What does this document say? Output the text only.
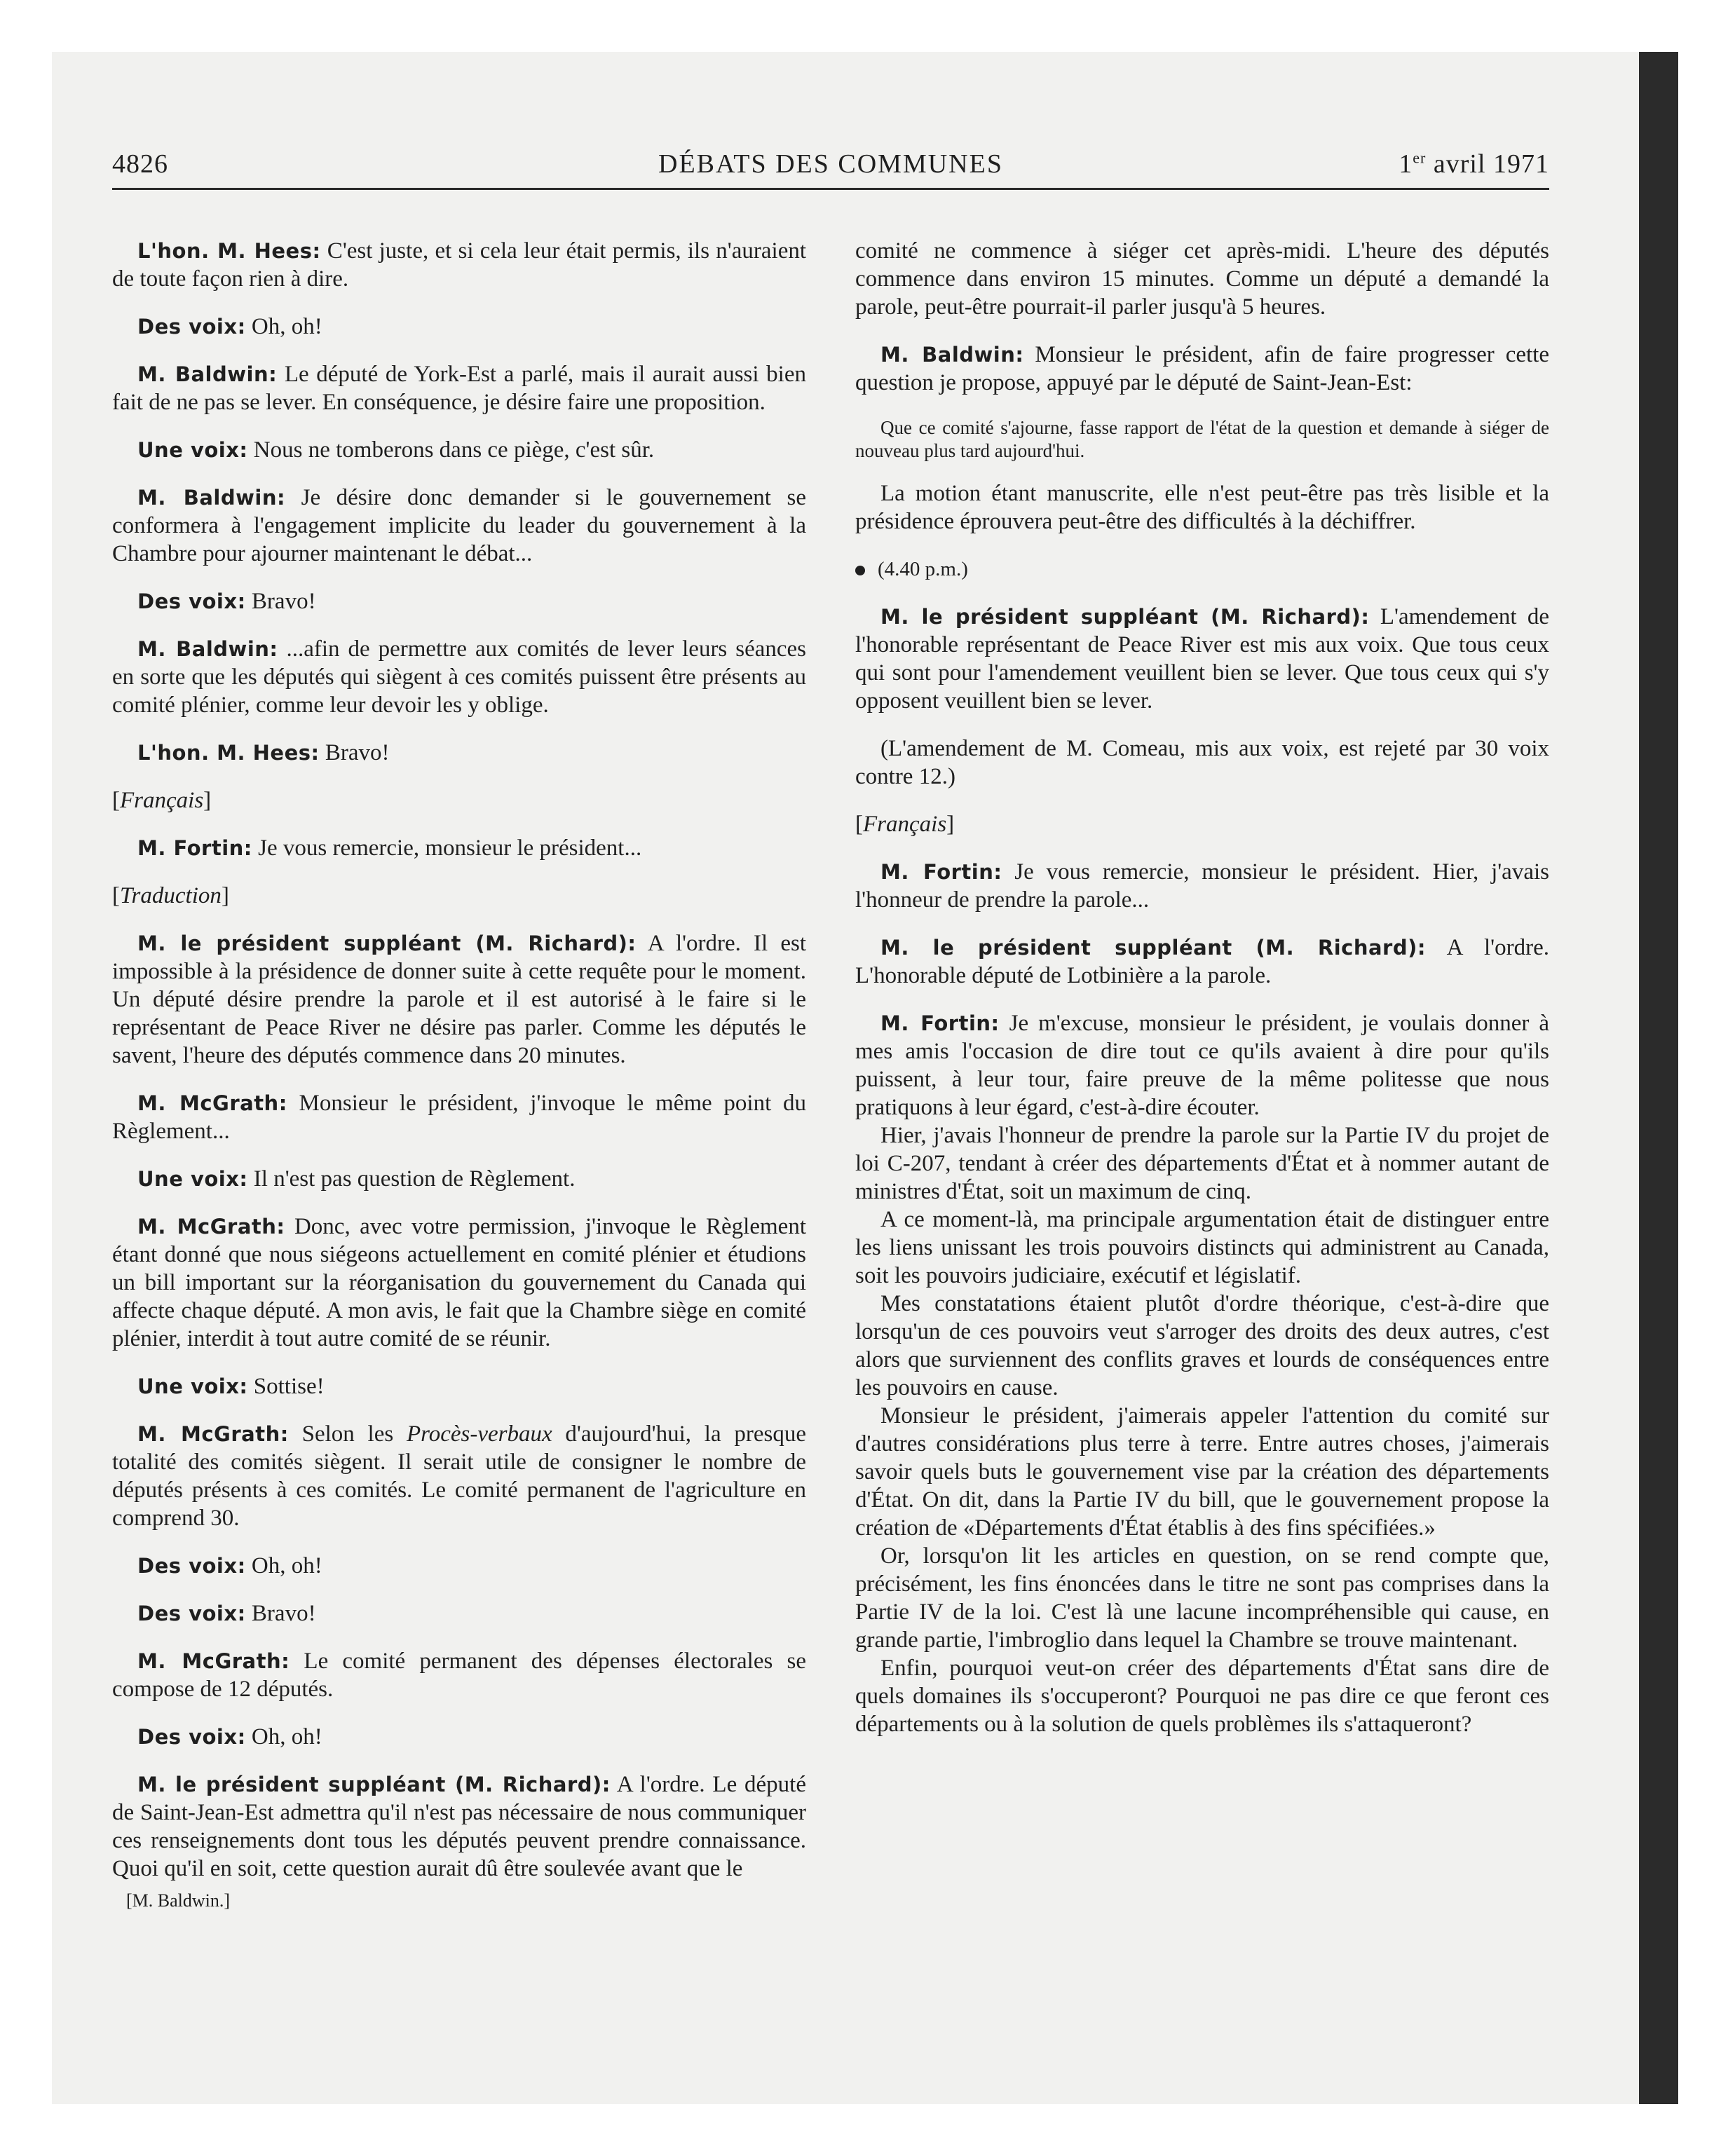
4826	DÉBATS DES COMMUNES	1er avril 1971

L'hon. M. Hees: C'est juste, et si cela leur était permis, ils n'auraient de toute façon rien à dire.

Des voix: Oh, oh!

M. Baldwin: Le député de York-Est a parlé, mais il aurait aussi bien fait de ne pas se lever. En conséquence, je désire faire une proposition.

Une voix: Nous ne tomberons dans ce piège, c'est sûr.

M. Baldwin: Je désire donc demander si le gouvernement se conformera à l'engagement implicite du leader du gouvernement à la Chambre pour ajourner maintenant le débat...

Des voix: Bravo!

M. Baldwin: ...afin de permettre aux comités de lever leurs séances en sorte que les députés qui siègent à ces comités puissent être présents au comité plénier, comme leur devoir les y oblige.

L'hon. M. Hees: Bravo!

[Français]

M. Fortin: Je vous remercie, monsieur le président...

[Traduction]

M. le président suppléant (M. Richard): A l'ordre. Il est impossible à la présidence de donner suite à cette requête pour le moment. Un député désire prendre la parole et il est autorisé à le faire si le représentant de Peace River ne désire pas parler. Comme les députés le savent, l'heure des députés commence dans 20 minutes.

M. McGrath: Monsieur le président, j'invoque le même point du Règlement...

Une voix: Il n'est pas question de Règlement.

M. McGrath: Donc, avec votre permission, j'invoque le Règlement étant donné que nous siégeons actuellement en comité plénier et étudions un bill important sur la réorganisation du gouvernement du Canada qui affecte chaque député. A mon avis, le fait que la Chambre siège en comité plénier, interdit à tout autre comité de se réunir.

Une voix: Sottise!

M. McGrath: Selon les Procès-verbaux d'aujourd'hui, la presque totalité des comités siègent. Il serait utile de consigner le nombre de députés présents à ces comités. Le comité permanent de l'agriculture en comprend 30.

Des voix: Oh, oh!

Des voix: Bravo!

M. McGrath: Le comité permanent des dépenses électorales se compose de 12 députés.

Des voix: Oh, oh!

M. le président suppléant (M. Richard): A l'ordre. Le député de Saint-Jean-Est admettra qu'il n'est pas nécessaire de nous communiquer ces renseignements dont tous les députés peuvent prendre connaissance. Quoi qu'il en soit, cette question aurait dû être soulevée avant que le

[M. Baldwin.]

comité ne commence à siéger cet après-midi. L'heure des députés commence dans environ 15 minutes. Comme un député a demandé la parole, peut-être pourrait-il parler jusqu'à 5 heures.

M. Baldwin: Monsieur le président, afin de faire progresser cette question je propose, appuyé par le député de Saint-Jean-Est:

Que ce comité s'ajourne, fasse rapport de l'état de la question et demande à siéger de nouveau plus tard aujourd'hui.

La motion étant manuscrite, elle n'est peut-être pas très lisible et la présidence éprouvera peut-être des difficultés à la déchiffrer.

(4.40 p.m.)

M. le président suppléant (M. Richard): L'amendement de l'honorable représentant de Peace River est mis aux voix. Que tous ceux qui sont pour l'amendement veuillent bien se lever. Que tous ceux qui s'y opposent veuillent bien se lever.

(L'amendement de M. Comeau, mis aux voix, est rejeté par 30 voix contre 12.)

[Français]

M. Fortin: Je vous remercie, monsieur le président. Hier, j'avais l'honneur de prendre la parole...

M. le président suppléant (M. Richard): A l'ordre. L'honorable député de Lotbinière a la parole.

M. Fortin: Je m'excuse, monsieur le président, je voulais donner à mes amis l'occasion de dire tout ce qu'ils avaient à dire pour qu'ils puissent, à leur tour, faire preuve de la même politesse que nous pratiquons à leur égard, c'est-à-dire écouter.

Hier, j'avais l'honneur de prendre la parole sur la Partie IV du projet de loi C-207, tendant à créer des départements d'État et à nommer autant de ministres d'État, soit un maximum de cinq.

A ce moment-là, ma principale argumentation était de distinguer entre les liens unissant les trois pouvoirs distincts qui administrent au Canada, soit les pouvoirs judiciaire, exécutif et législatif.

Mes constatations étaient plutôt d'ordre théorique, c'est-à-dire que lorsqu'un de ces pouvoirs veut s'arroger des droits des deux autres, c'est alors que surviennent des conflits graves et lourds de conséquences entre les pouvoirs en cause.

Monsieur le président, j'aimerais appeler l'attention du comité sur d'autres considérations plus terre à terre. Entre autres choses, j'aimerais savoir quels buts le gouvernement vise par la création des départements d'État. On dit, dans la Partie IV du bill, que le gouvernement propose la création de «Départements d'État établis à des fins spécifiées.»

Or, lorsqu'on lit les articles en question, on se rend compte que, précisément, les fins énoncées dans le titre ne sont pas comprises dans la Partie IV de la loi. C'est là une lacune incompréhensible qui cause, en grande partie, l'imbroglio dans lequel la Chambre se trouve maintenant.

Enfin, pourquoi veut-on créer des départements d'État sans dire de quels domaines ils s'occuperont? Pourquoi ne pas dire ce que feront ces départements ou à la solution de quels problèmes ils s'attaqueront?
